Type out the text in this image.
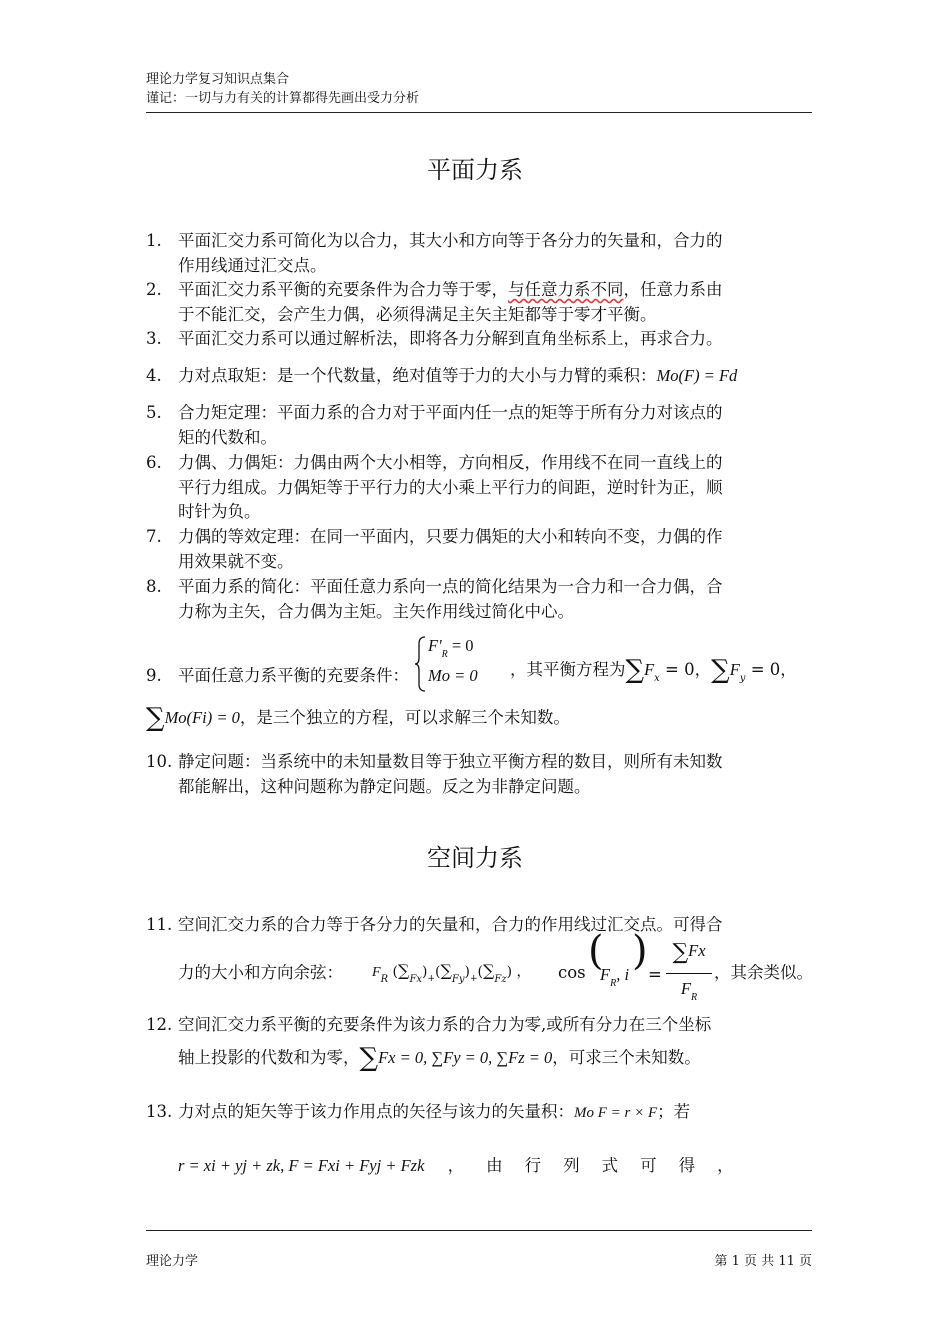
理论力学复习知识点集合
谨记：一切与力有关的计算都得先画出受力分析
平面力系
1. 平面汇交力系可简化为以合力，其大小和方向等于各分力的矢量和，合力的
作用线通过汇交点。
2. 平面汇交力系平衡的充要条件为合力等于零，与任意力系不同，任意力系由
于不能汇交，会产生力偶，必须得满足主矢主矩都等于零才平衡。
3. 平面汇交力系可以通过解析法，即将各力分解到直角坐标系上，再求合力。
4. 力对点取矩：是一个代数量，绝对值等于力的大小与力臂的乘积：Mo(F) = Fd
5. 合力矩定理：平面力系的合力对于平面内任一点的矩等于所有分力对该点的
矩的代数和。
6. 力偶、力偶矩：力偶由两个大小相等，方向相反，作用线不在同一直线上的
平行力组成。力偶矩等于平行力的大小乘上平行力的间距，逆时针为正，顺
时针为负。
7. 力偶的等效定理：在同一平面内，只要力偶矩的大小和转向不变，力偶的作
用效果就不变。
8. 平面力系的简化：平面任意力系向一点的简化结果为一合力和一合力偶，合
力称为主矢，合力偶为主矩。主矢作用线过简化中心。
9. 平面任意力系平衡的充要条件：
$F'_R = 0$
Mo = 0 ，其平衡方程为$\sum F_x = 0$，$\sum F_y = 0$，
∑Mo(Fi) = 0，是三个独立的方程，可以求解三个未知数。
10. 静定问题：当系统中的未知量数目等于独立平衡方程的数目，则所有未知数
都能解出，这种问题称为静定问题。反之为非静定问题。
空间力系
11. 空间汇交力系的合力等于各分力的矢量和，合力的作用线过汇交点。可得合
力的大小和方向余弦： $F_R$ $(\sum_{Fx})_+(\sum_{Fy})_+(\sum_{Fz})$ ， cos (
$F_R$, i
)
=
∑Fx
$F_R$
，其余类似。
12. 空间汇交力系平衡的充要条件为该力系的合力为零,或所有分力在三个坐标
轴上投影的代数和为零，∑Fx = 0, ∑Fy = 0, ∑Fz = 0，可求三个未知数。
13. 力对点的矩矢等于该力作用点的矢径与该力的矢量积：Mo F = r × F；若
r = xi + yj + zk, F = Fxi + Fyj + Fzk ，由行列式可得，
理论力学	第 1 页 共 11 页
